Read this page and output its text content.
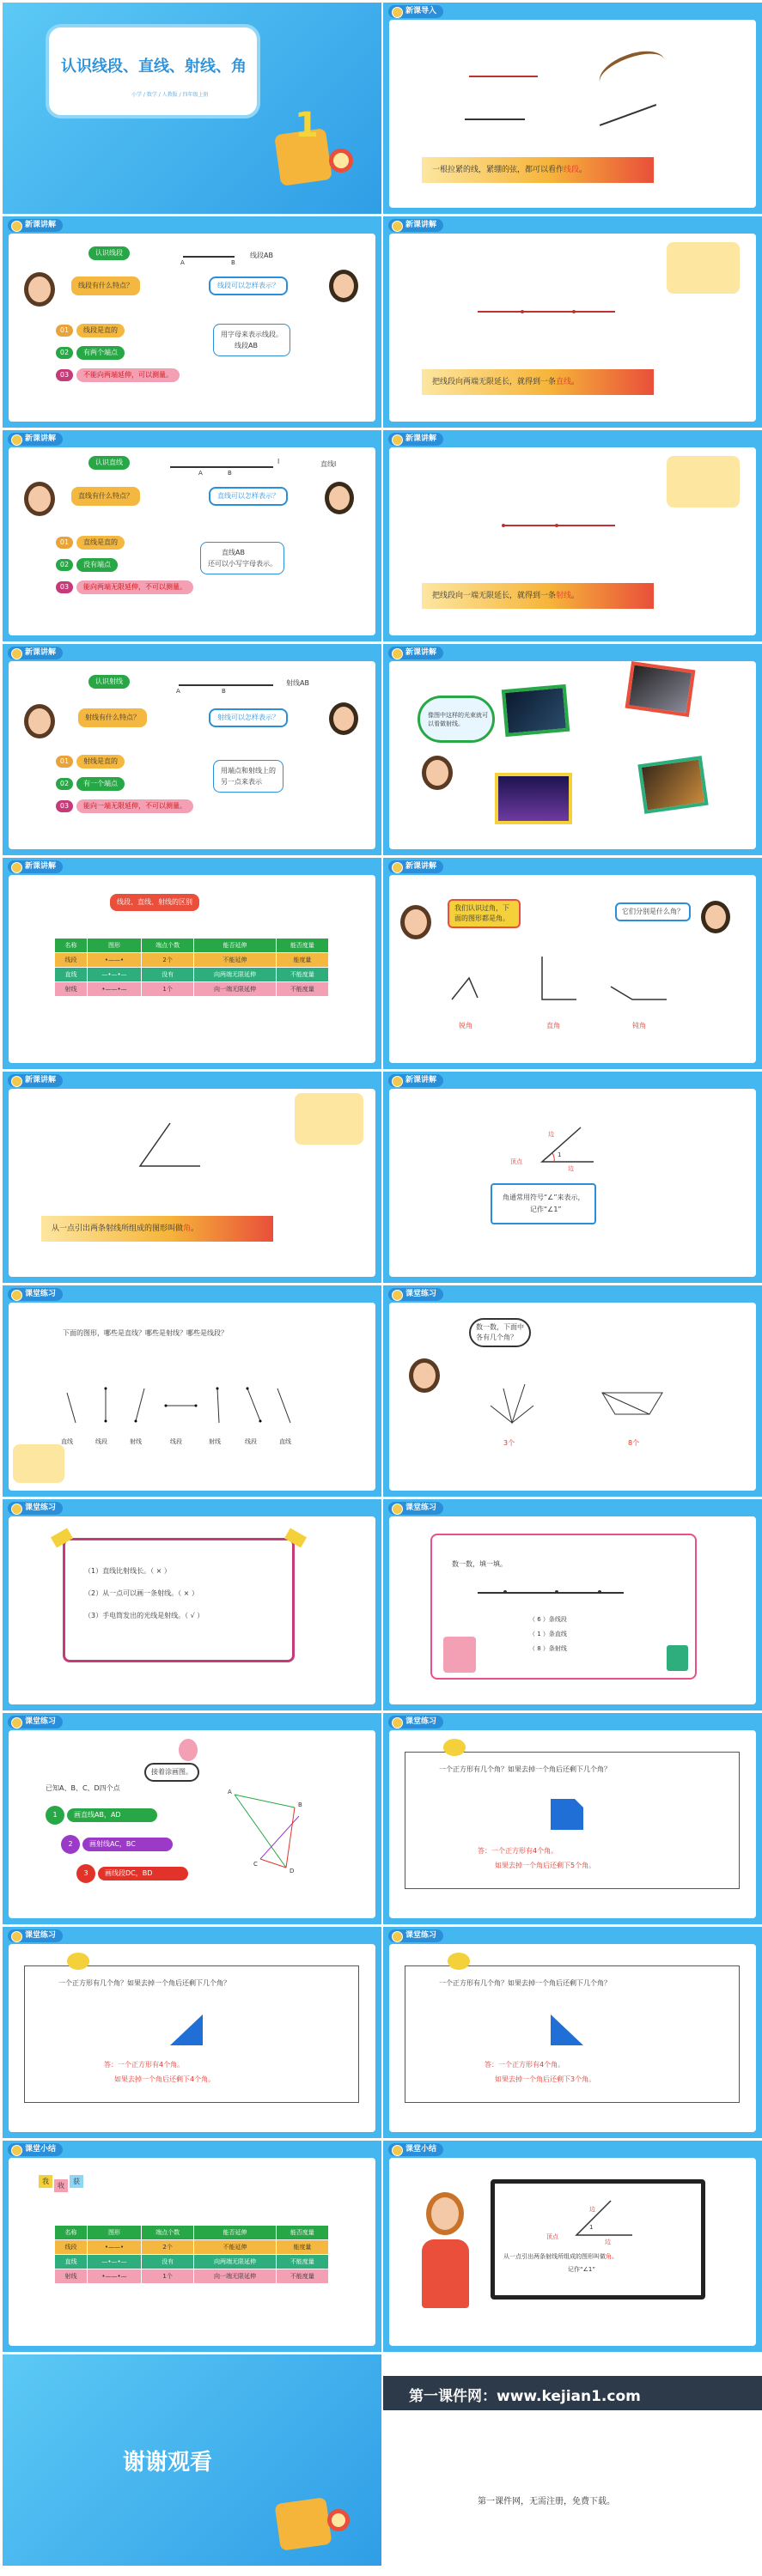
认识线段、直线、射线、角
小学 / 数学 / 人教版 / 四年级上册
1
新课导入
一根拉紧的线，紧绷的弦，都可以看作线段。
新课讲解
认识线段
A	B
线段AB
线段有什么特点？	线段可以怎样表示？
01	线段是直的
02	有两个端点
03	不能向两端延伸，可以测量。
用字母来表示线段。
线段AB
新课讲解
把线段向两端无限延长，就得到一条直线。
新课讲解
认识直线
A	B
直线l
l
直线有什么特点？	直线可以怎样表示？
01	直线是直的
02	没有端点
03	能向两端无限延伸，不可以测量。
直线AB
还可以小写字母表示。
新课讲解
把线段向一端无限延长，就得到一条射线。
新课讲解
认识射线
A	B
射线AB
射线有什么特点？	射线可以怎样表示？
01	射线是直的
02	有一个端点
03	能向一端无限延伸，不可以测量。
用端点和射线上的
另一点来表示
新课讲解
像图中这样的光束就可以看做射线。
新课讲解
线段、直线、射线的区别
名称	图形	端点个数	能否延伸	能否度量
线段	•——•	2个	不能延伸	能度量
直线	—•—•—	没有	向两端无限延伸	不能度量
射线	•——•—	1个	向一端无限延伸	不能度量
新课讲解
我们认识过角，下面的图形都是角。
它们分别是什么角？
锐角	直角	钝角
新课讲解
从一点引出两条射线所组成的图形叫做角。
新课讲解
边
顶点
边
1
角通常用符号“∠”来表示，
记作“∠1”
课堂练习
下面的图形，哪些是直线？哪些是射线？哪些是线段？
直线	线段	射线	线段	射线	线段	直线
课堂练习
数一数，下面中
各有几个角？
3个	8个
课堂练习
（1）直线比射线长。（ × ）
（2）从一点可以画一条射线。（ × ）
（3）手电筒发出的光线是射线。（ √ ）
课堂练习
数一数，填一填。
（ 6 ）条线段
（ 1 ）条直线
（ 8 ）条射线
课堂练习
接着涂画图。
已知A、B、C、D四个点
1	画直线AB，AD
2	画射线AC，BC
3	画线段DC，BD
A
B
C
D
课堂练习
一个正方形有几个角？如果去掉一个角后还剩下几个角？
答：一个正方形有4个角。
如果去掉一个角后还剩下5个角。
课堂练习
一个正方形有几个角？如果去掉一个角后还剩下几个角？
答：一个正方形有4个角。
如果去掉一个角后还剩下4个角。
课堂练习
一个正方形有几个角？如果去掉一个角后还剩下几个角？
答：一个正方形有4个角。
如果去掉一个角后还剩下3个角。
课堂小结
我
收
获
名称	图形	端点个数	能否延伸	能否度量
线段	•——•	2个	不能延伸	能度量
直线	—•—•—	没有	向两端无限延伸	不能度量
射线	•——•—	1个	向一端无限延伸	不能度量
课堂小结
边
顶点
边
1
从一点引出两条射线所组成的图形叫做角。
记作“∠1”
谢谢观看
第一课件网：www.kejian1.com
第一课件网，无需注册，免费下载。
